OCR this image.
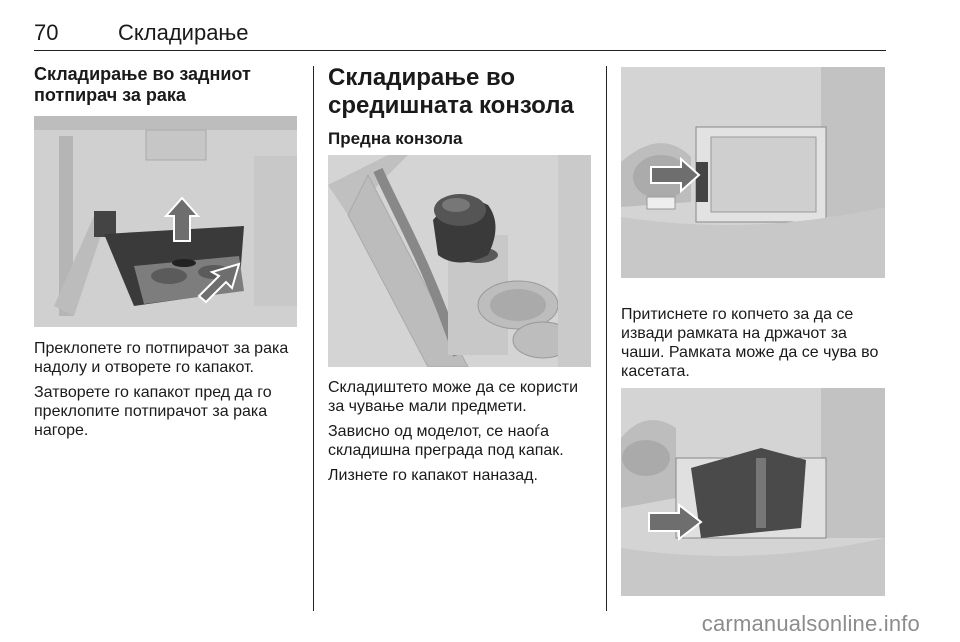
70	Складирање

Складирање во задниот потпирач за рака

Преклопете го потпирачот за рака надолу и отворете го капакот.

Затворете го капакот пред да го преклопите потпирачот за рака нагоре.

Складирање во средишната конзола

Предна конзола

Складиштето може да се користи за чување мали предмети.

Зависно од моделот, се наоѓа складишна преграда под капак.

Лизнете го капакот наназад.

Притиснете го копчето за да се извади рамката на држачот за чаши. Рамката може да се чува во касетата.

carmanualsonline.info
